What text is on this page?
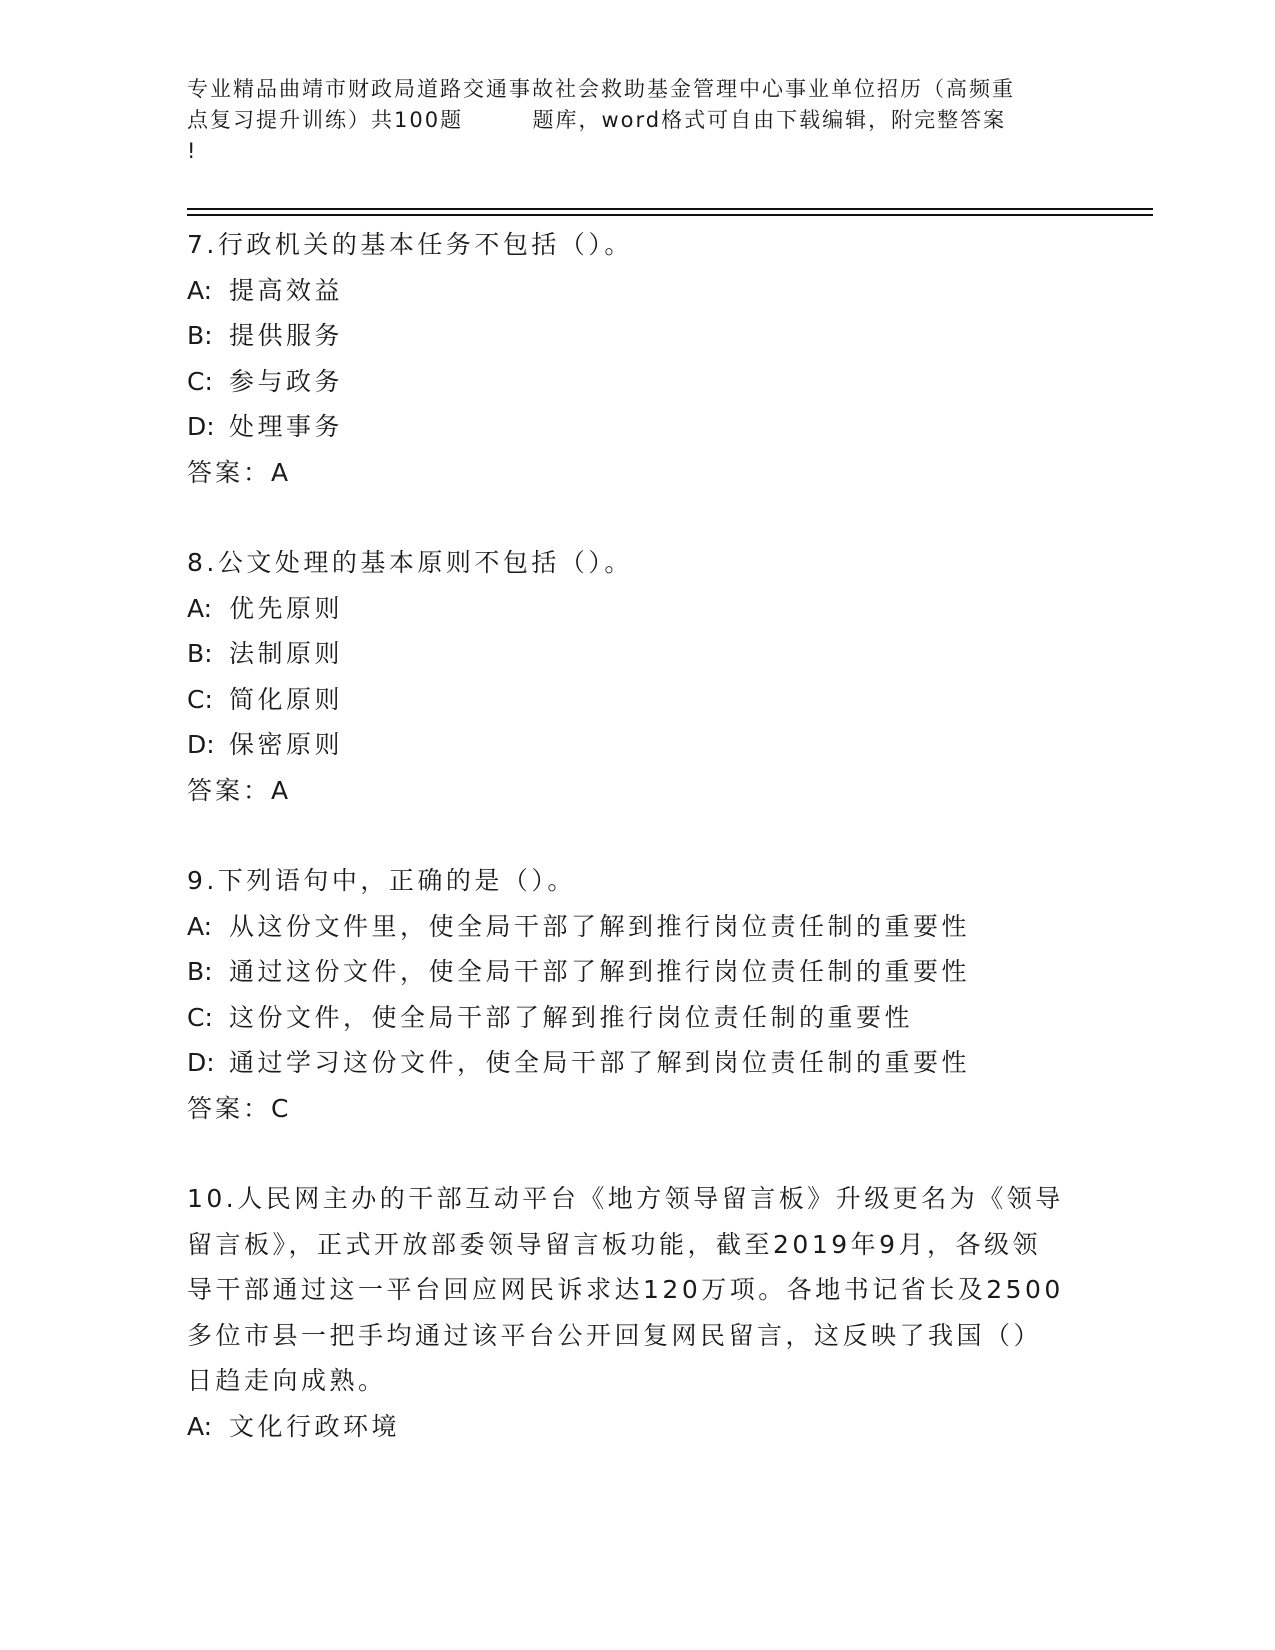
专业精品曲靖市财政局道路交通事故社会救助基金管理中心事业单位招历（高频重
点复习提升训练）共100题        题库，word格式可自由下载编辑，附完整答案
!
7.行政机关的基本任务不包括（）。
A: 提高效益
B: 提供服务
C: 参与政务
D: 处理事务
答案：A
8.公文处理的基本原则不包括（）。
A: 优先原则
B: 法制原则
C: 简化原则
D: 保密原则
答案：A
9.下列语句中，正确的是（）。
A: 从这份文件里，使全局干部了解到推行岗位责任制的重要性
B: 通过这份文件，使全局干部了解到推行岗位责任制的重要性
C: 这份文件，使全局干部了解到推行岗位责任制的重要性
D: 通过学习这份文件，使全局干部了解到岗位责任制的重要性
答案：C
10.人民网主办的干部互动平台《地方领导留言板》升级更名为《领导
留言板》，正式开放部委领导留言板功能，截至2019年9月，各级领
导干部通过这一平台回应网民诉求达120万项。各地书记省长及2500
多位市县一把手均通过该平台公开回复网民留言，这反映了我国（）
日趋走向成熟。
A: 文化行政环境
